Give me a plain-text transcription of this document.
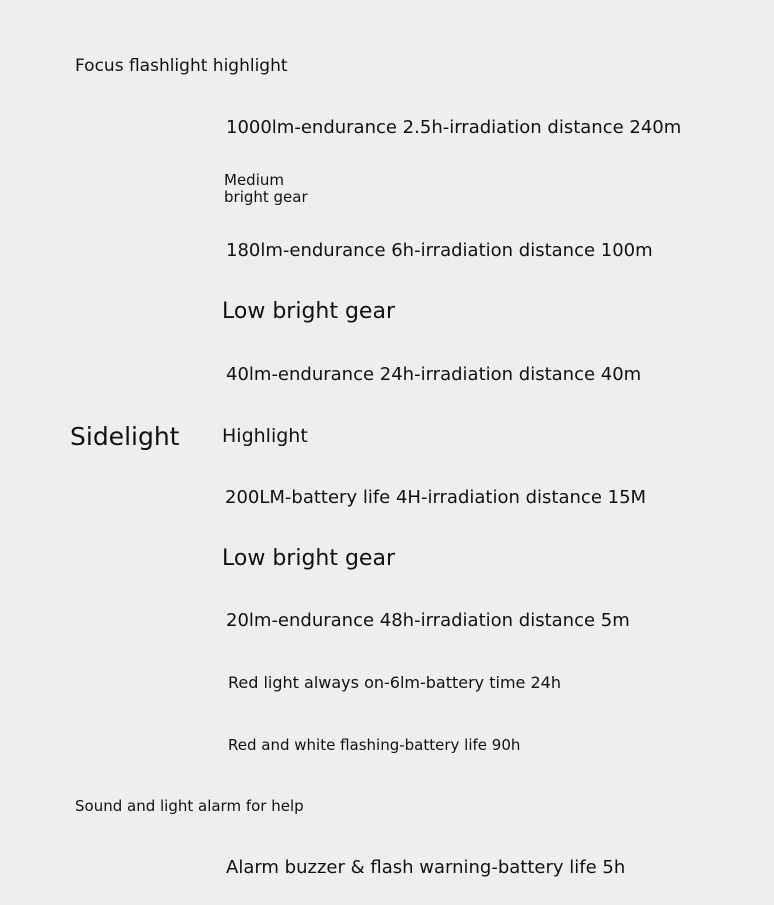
Focus flashlight highlight
1000lm-endurance 2.5h-irradiation distance 240m
Medium
bright gear
180lm-endurance 6h-irradiation distance 100m
Low bright gear
40lm-endurance 24h-irradiation distance 40m
Sidelight Highlight
200LM-battery life 4H-irradiation distance 15M
Low bright gear
20lm-endurance 48h-irradiation distance 5m
Red light always on-6lm-battery time 24h
Red and white flashing-battery life 90h
Sound and light alarm for help
Alarm buzzer & flash warning-battery life 5h
